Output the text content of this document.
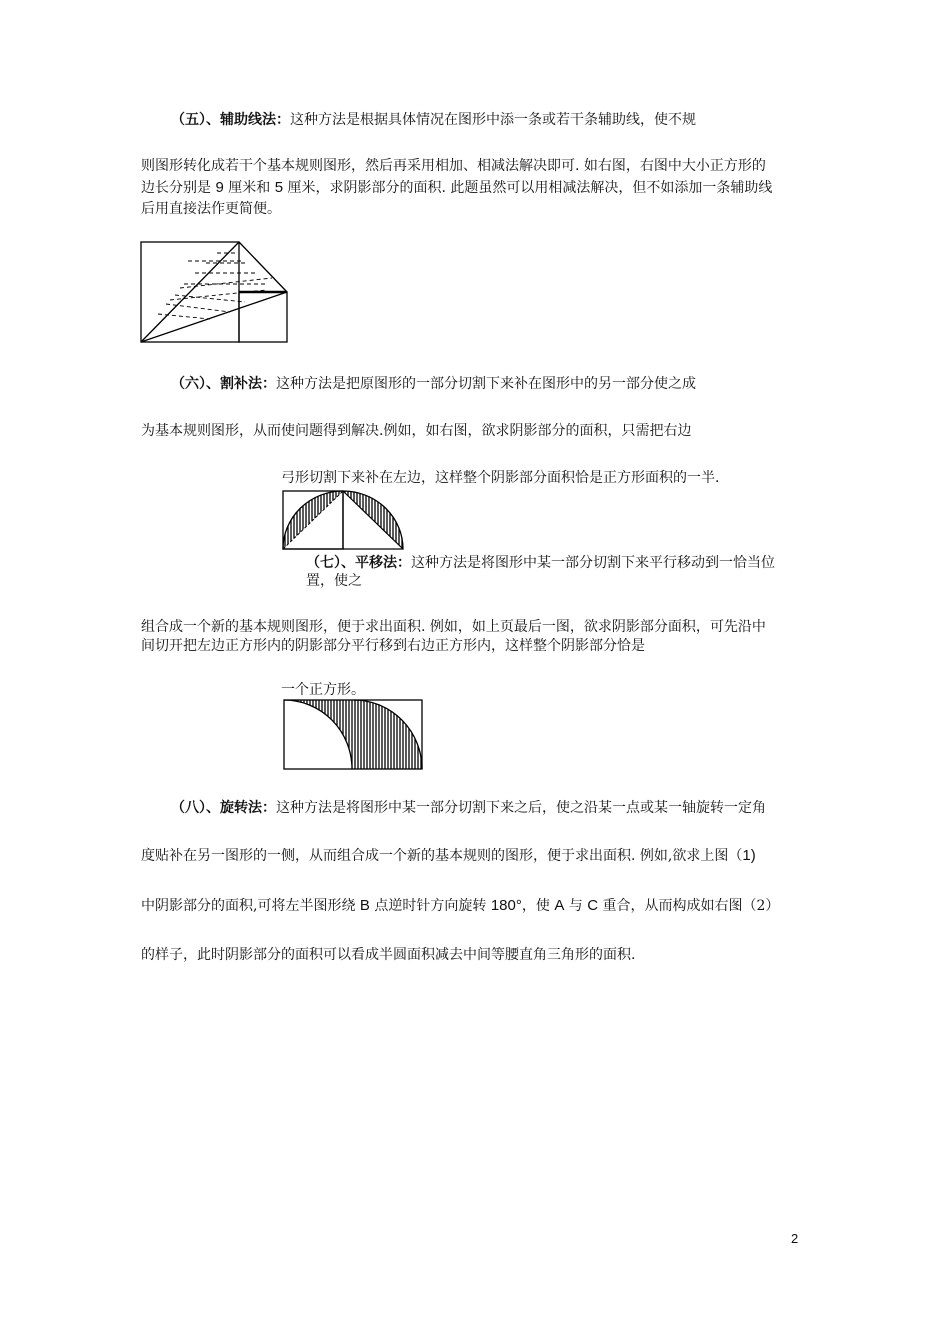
（五）、辅助线法：这种方法是根据具体情况在图形中添一条或若干条辅助线，使不规
则图形转化成若干个基本规则图形，然后再采用相加、相减法解决即可. 如右图，右图中大小正方形的
边长分别是 9 厘米和 5 厘米，求阴影部分的面积. 此题虽然可以用相减法解决，但不如添加一条辅助线
后用直接法作更简便。
（六）、割补法：这种方法是把原图形的一部分切割下来补在图形中的另一部分使之成
为基本规则图形，从而使问题得到解决.例如，如右图，欲求阴影部分的面积，只需把右边
弓形切割下来补在左边，这样整个阴影部分面积恰是正方形面积的一半.
（七）、平移法：这种方法是将图形中某一部分切割下来平行移动到一恰当位
置，使之
组合成一个新的基本规则图形，便于求出面积. 例如，如上页最后一图，欲求阴影部分面积，可先沿中
间切开把左边正方形内的阴影部分平行移到右边正方形内，这样整个阴影部分恰是
一个正方形。
（八）、旋转法：这种方法是将图形中某一部分切割下来之后，使之沿某一点或某一轴旋转一定角
度贴补在另一图形的一侧，从而组合成一个新的基本规则的图形，便于求出面积. 例如,欲求上图（1)
中阴影部分的面积,可将左半图形绕 B 点逆时针方向旋转 180°，使 A 与 C 重合，从而构成如右图（2）
的样子，此时阴影部分的面积可以看成半圆面积减去中间等腰直角三角形的面积.
2
